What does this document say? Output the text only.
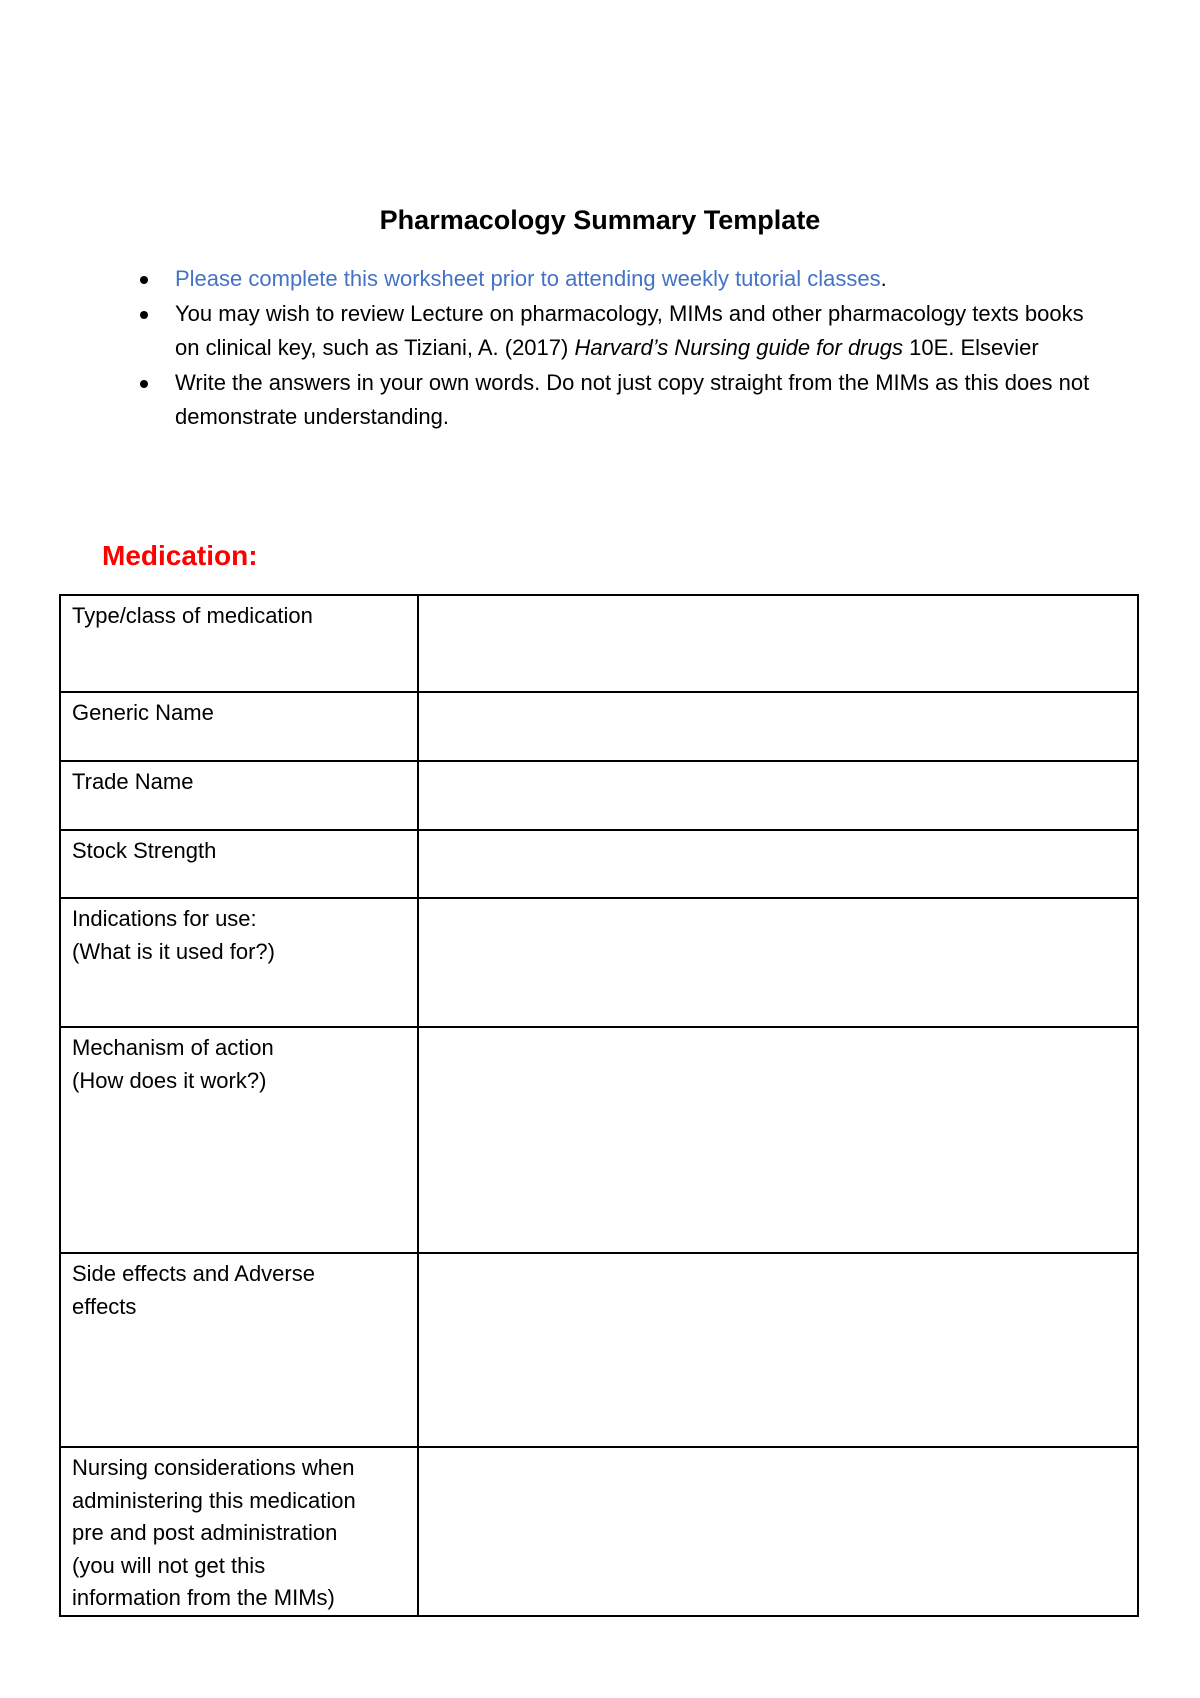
Pharmacology Summary Template
Please complete this worksheet prior to attending weekly tutorial classes.
You may wish to review Lecture on pharmacology, MIMs and other pharmacology texts books on clinical key, such as Tiziani, A. (2017) Harvard’s Nursing guide for drugs 10E. Elsevier
Write the answers in your own words. Do not just copy straight from the MIMs as this does not demonstrate understanding.
Medication:
Type/class of medication	

Generic Name	

Trade Name	

Stock Strength	

Indications for use:
(What is it used for?)	

Mechanism of action
(How does it work?)	

Side effects and Adverse
effects	

Nursing considerations when
administering this medication
pre and post administration
(you will not get this
information from the MIMs)	
